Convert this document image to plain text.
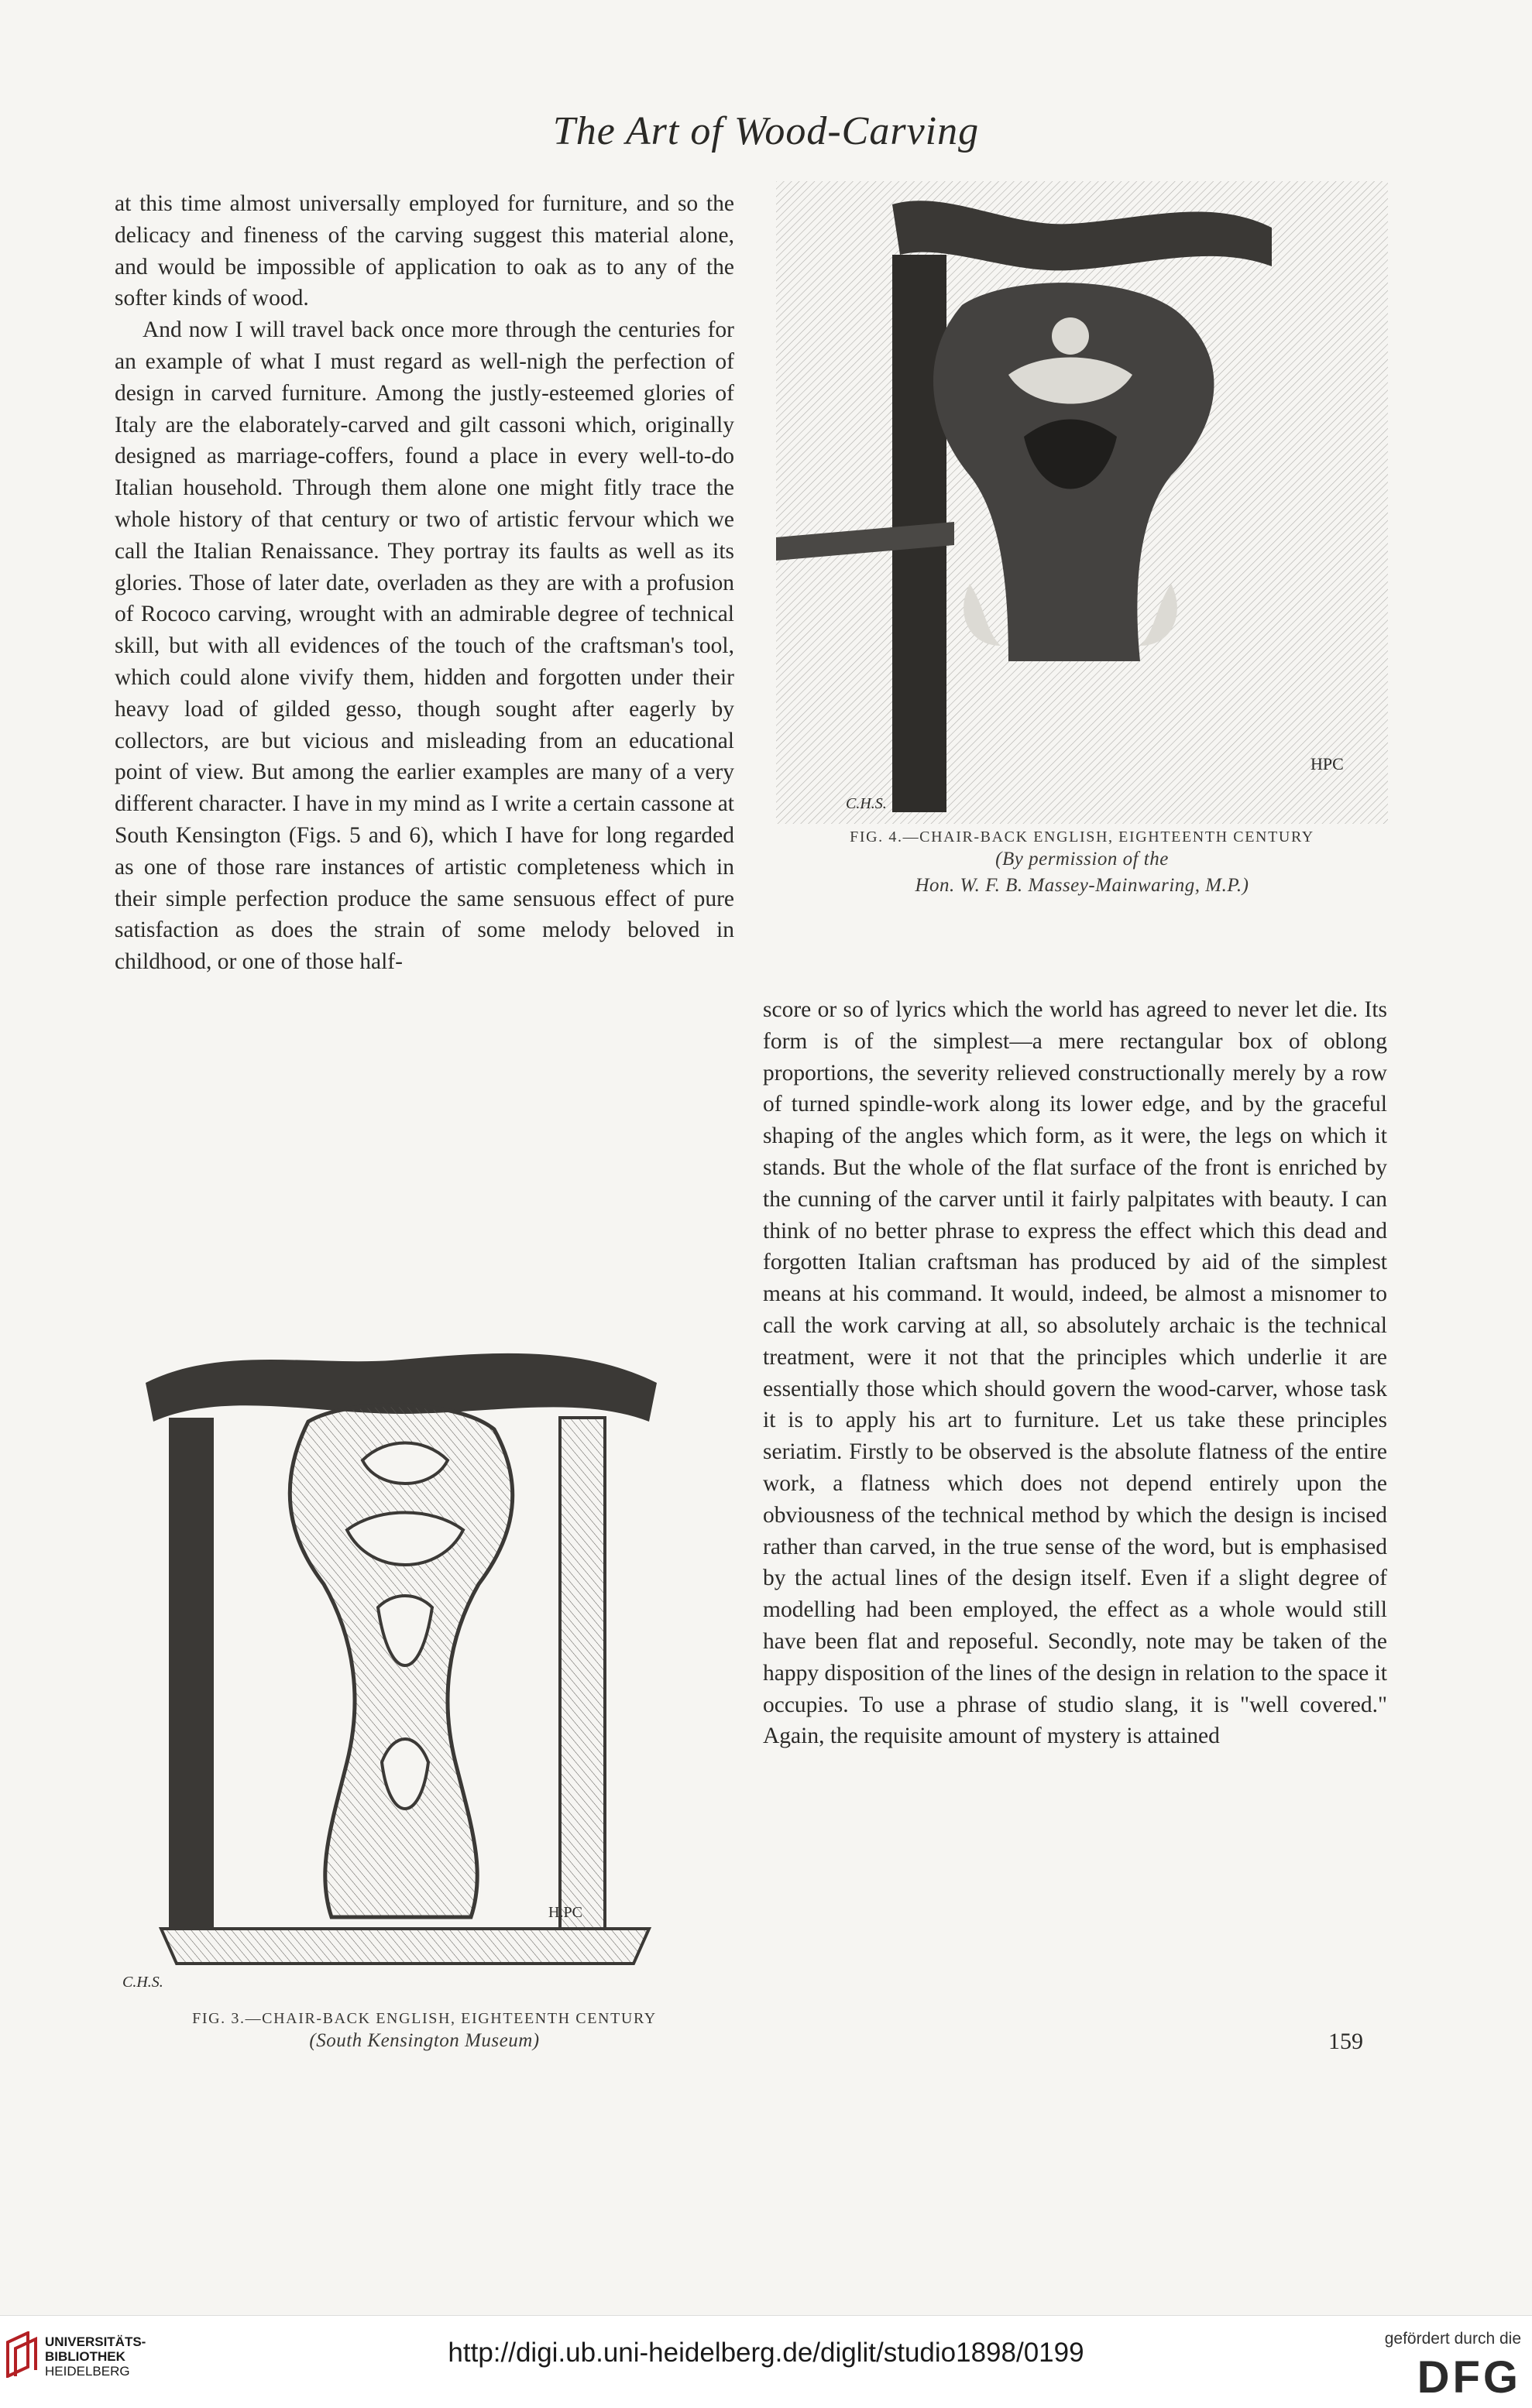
The Art of Wood-Carving

at this time almost universally employed for furniture, and so the delicacy and fineness of the carving suggest this material alone, and would be impossible of application to oak as to any of the softer kinds of wood.

And now I will travel back once more through the centuries for an example of what I must regard as well-nigh the perfection of design in carved furniture. Among the justly-esteemed glories of Italy are the elaborately-carved and gilt cassoni which, originally designed as marriage-coffers, found a place in every well-to-do Italian household. Through them alone one might fitly trace the whole history of that century or two of artistic fervour which we call the Italian Renaissance. They portray its faults as well as its glories. Those of later date, overladen as they are with a profusion of Rococo carving, wrought with an admirable degree of technical skill, but with all evidences of the touch of the craftsman's tool, which could alone vivify them, hidden and forgotten under their heavy load of gilded gesso, though sought after eagerly by collectors, are but vicious and misleading from an educational point of view. But among the earlier examples are many of a very different character. I have in my mind as I write a certain cassone at South Kensington (Figs. 5 and 6), which I have for long regarded as one of those rare instances of artistic completeness which in their simple perfection produce the same sensuous effect of pure satisfaction as does the strain of some melody beloved in childhood, or one of those half-

HPC
C.H.S.
FIG. 4.—CHAIR-BACK ENGLISH, EIGHTEENTH CENTURY
(By permission of the
Hon. W. F. B. Massey-Mainwaring, M.P.)
H.PC
C.H.S.
FIG. 3.—CHAIR-BACK ENGLISH, EIGHTEENTH CENTURY
(South Kensington Museum)

score or so of lyrics which the world has agreed to never let die. Its form is of the simplest—a mere rectangular box of oblong proportions, the severity relieved constructionally merely by a row of turned spindle-work along its lower edge, and by the graceful shaping of the angles which form, as it were, the legs on which it stands. But the whole of the flat surface of the front is enriched by the cunning of the carver until it fairly palpitates with beauty. I can think of no better phrase to express the effect which this dead and forgotten Italian craftsman has produced by aid of the simplest means at his command. It would, indeed, be almost a misnomer to call the work carving at all, so absolutely archaic is the technical treatment, were it not that the principles which underlie it are essentially those which should govern the wood-carver, whose task it is to apply his art to furniture. Let us take these principles seriatim. Firstly to be observed is the absolute flatness of the entire work, a flatness which does not depend entirely upon the obviousness of the technical method by which the design is incised rather than carved, in the true sense of the word, but is emphasised by the actual lines of the design itself. Even if a slight degree of modelling had been employed, the effect as a whole would still have been flat and reposeful. Secondly, note may be taken of the happy disposition of the lines of the design in relation to the space it occupies. To use a phrase of studio slang, it is "well covered." Again, the requisite amount of mystery is attained

159
UNIVERSITÄTS-
BIBLIOTHEK
HEIDELBERG
http://digi.ub.uni-heidelberg.de/diglit/studio1898/0199	gefördert durch die
DFG
